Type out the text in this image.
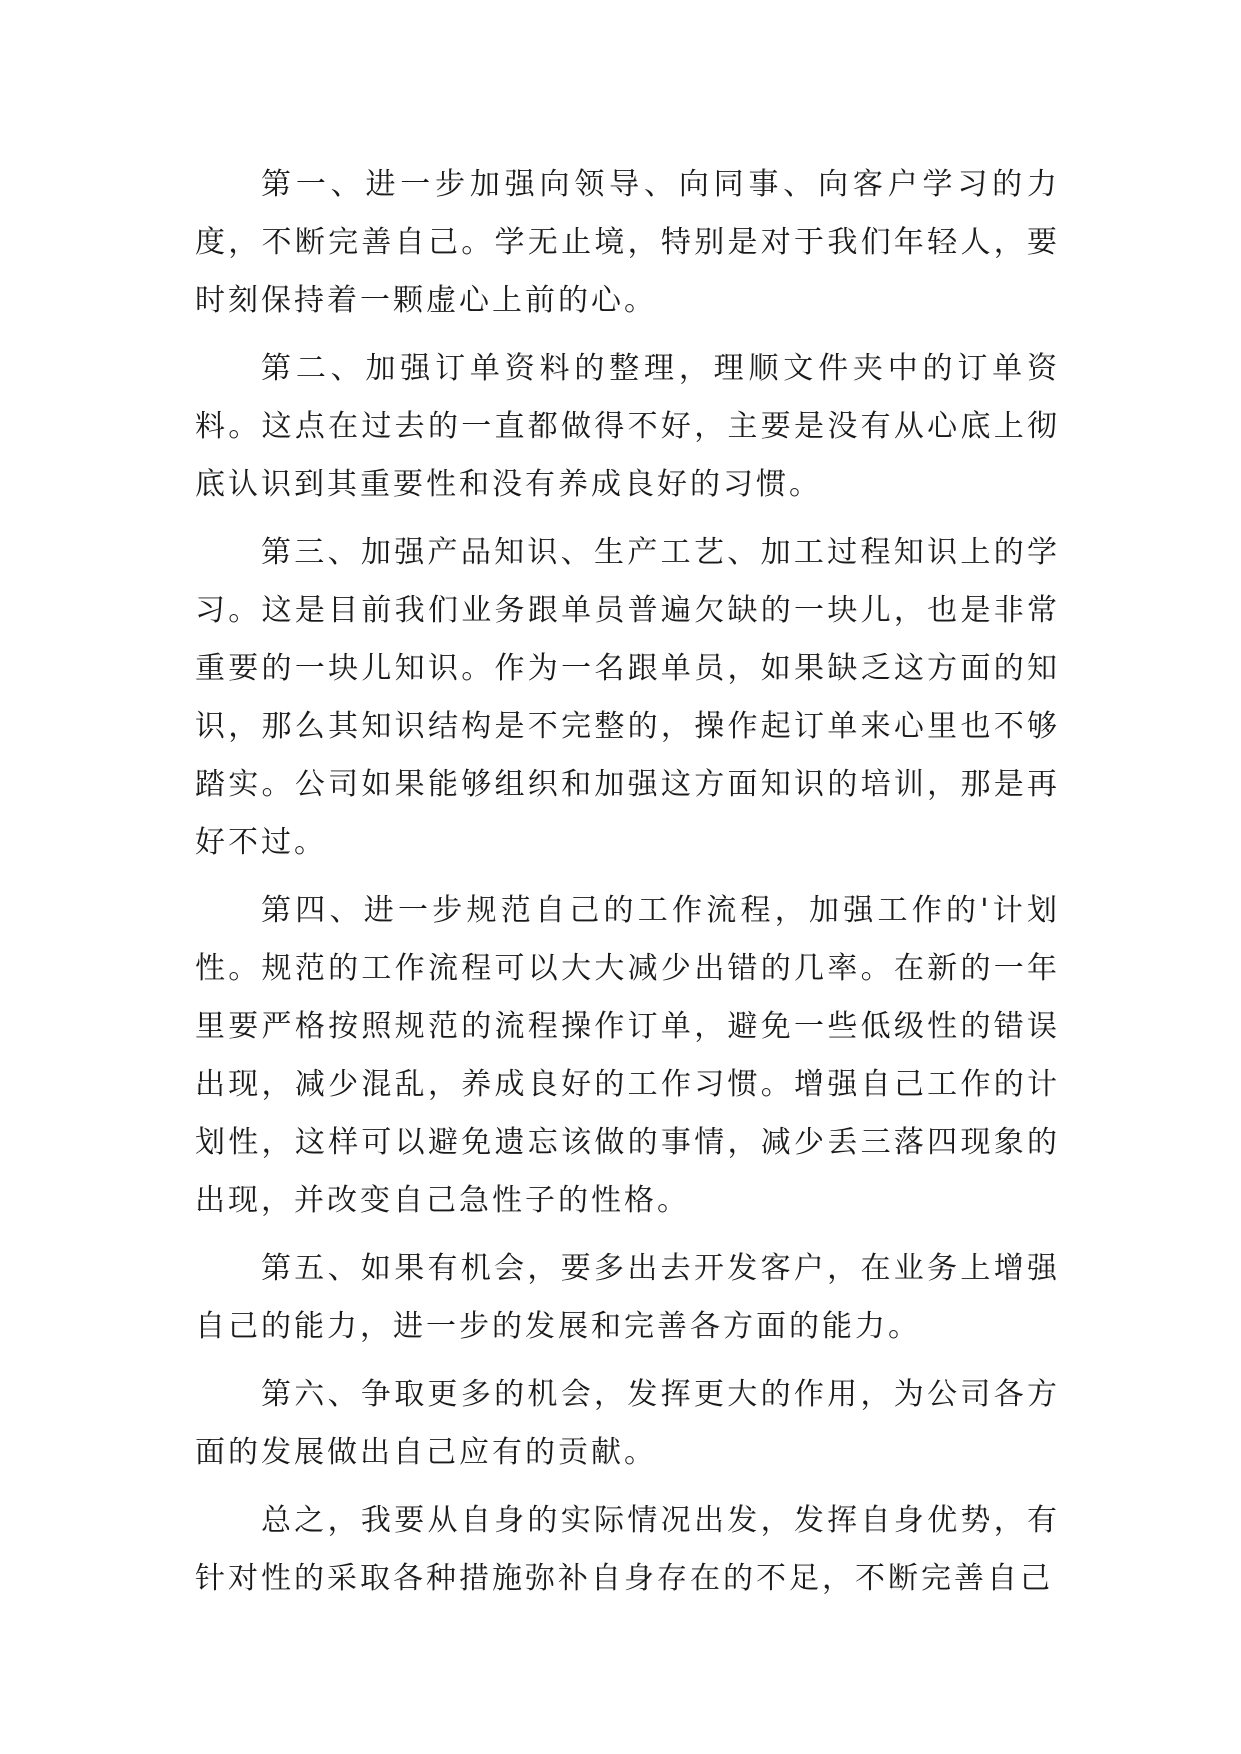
第一、进一步加强向领导、向同事、向客户学习的力度，不断完善自己。学无止境，特别是对于我们年轻人，要时刻保持着一颗虚心上前的心。

第二、加强订单资料的整理，理顺文件夹中的订单资料。这点在过去的一直都做得不好，主要是没有从心底上彻底认识到其重要性和没有养成良好的习惯。

第三、加强产品知识、生产工艺、加工过程知识上的学习。这是目前我们业务跟单员普遍欠缺的一块儿，也是非常重要的一块儿知识。作为一名跟单员，如果缺乏这方面的知识，那么其知识结构是不完整的，操作起订单来心里也不够踏实。公司如果能够组织和加强这方面知识的培训，那是再好不过。

第四、进一步规范自己的工作流程，加强工作的'计划性。规范的工作流程可以大大减少出错的几率。在新的一年里要严格按照规范的流程操作订单，避免一些低级性的错误出现，减少混乱，养成良好的工作习惯。增强自己工作的计划性，这样可以避免遗忘该做的事情，减少丢三落四现象的出现，并改变自己急性子的性格。

第五、如果有机会，要多出去开发客户，在业务上增强自己的能力，进一步的发展和完善各方面的能力。

第六、争取更多的机会，发挥更大的作用，为公司各方面的发展做出自己应有的贡献。

总之，我要从自身的实际情况出发，发挥自身优势，有针对性的采取各种措施弥补自身存在的不足，不断完善自己
